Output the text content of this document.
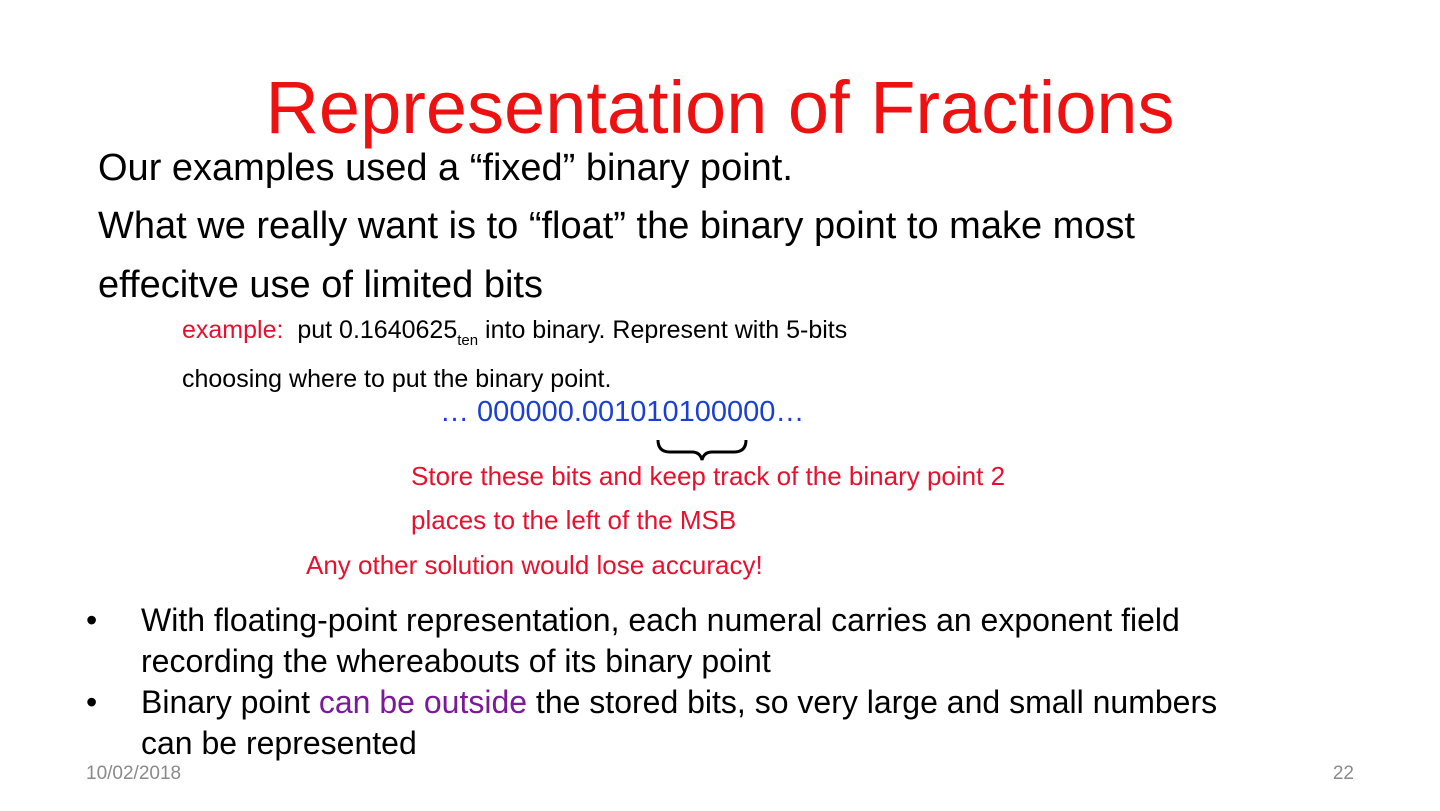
Representation of Fractions
Our examples used a “fixed” binary point.
What we really want is to “float” the binary point to make most
effecitve use of limited bits
example:  put $0.1640625_{ten}$ into binary. Represent with 5-bits
choosing where to put the binary point.
… 000000.001010100000…
Store these bits and keep track of the binary point 2
places to the left of the MSB
Any other solution would lose accuracy!
• With floating-point representation, each numeral carries an exponent field
recording the whereabouts of its binary point
• Binary point can be outside the stored bits, so very large and small numbers
can be represented
10/02/2018	22
